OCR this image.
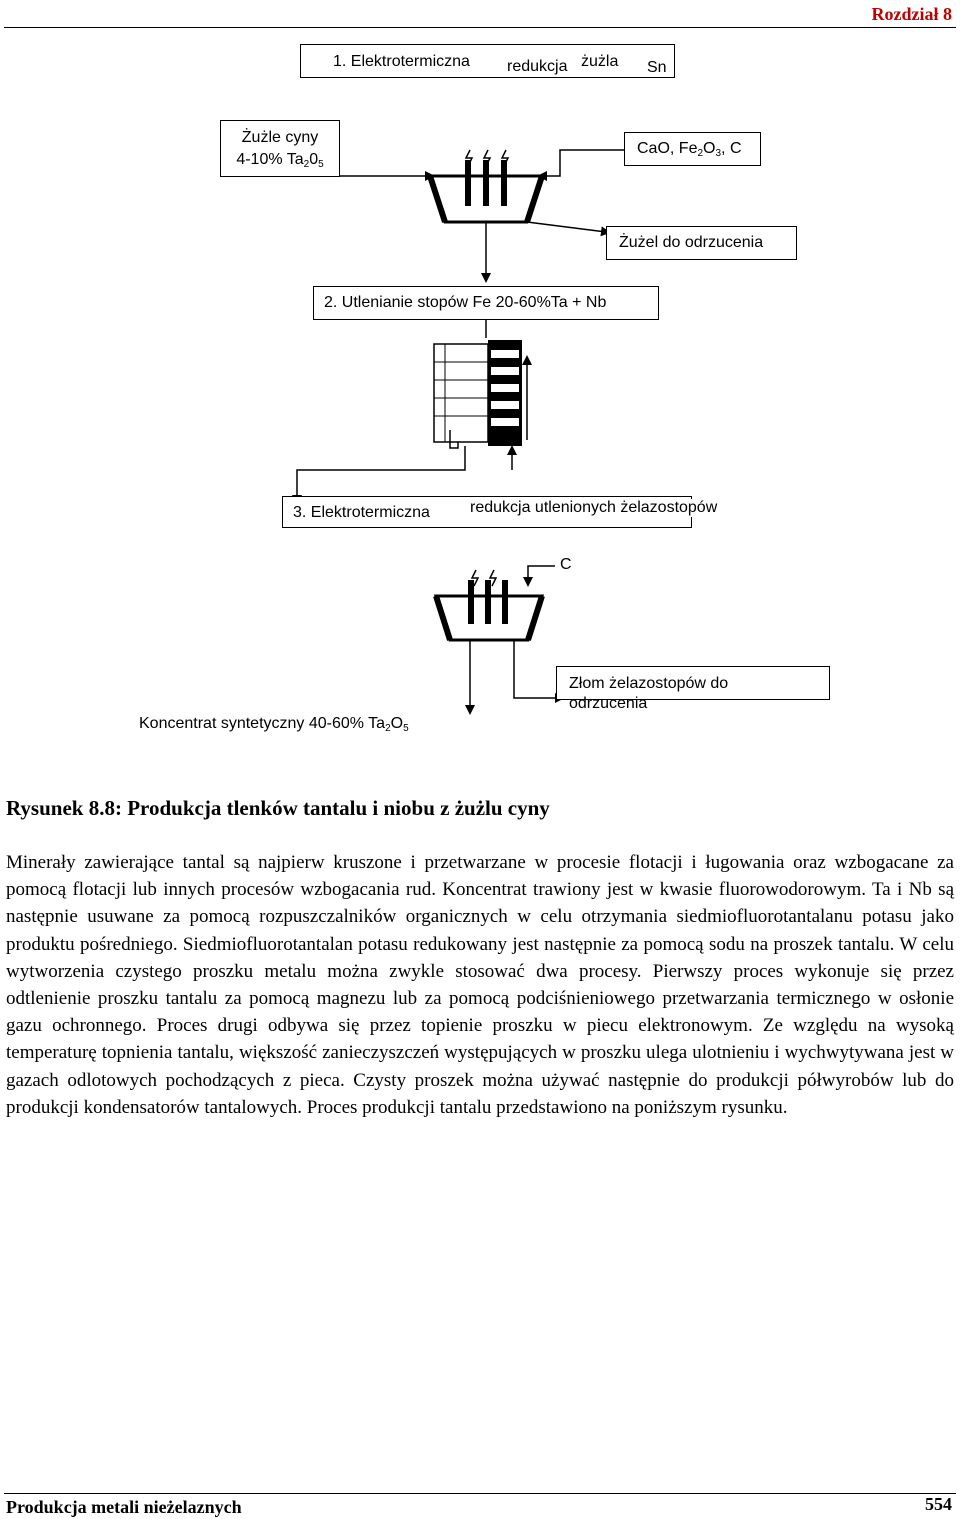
Rozdział 8
1. Elektrotermiczna redukcja żużla Sn
Żużle cyny
4-10% $Ta_20_5$
CaO, $Fe_2O_3$, C
Żużel do odrzucenia
2. Utlenianie stopów Fe 20-60%Ta + Nb
3. Elektrotermiczna	redukcja utlenionych żelazostopów
C
Złom żelazostopów do
odrzucenia
Koncentrat syntetyczny 40-60% $Ta_2O_5$
Rysunek 8.8: Produkcja tlenków tantalu i niobu z żużlu cyny

Minerały zawierające tantal są najpierw kruszone i przetwarzane w procesie flotacji i ługowania oraz wzbogacane za pomocą flotacji lub innych procesów wzbogacania rud. Koncentrat trawiony jest w kwasie fluorowodorowym. Ta i Nb są następnie usuwane za pomocą rozpuszczalników organicznych w celu otrzymania siedmiofluorotantalanu potasu jako produktu pośredniego. Siedmiofluorotantalan potasu redukowany jest następnie za pomocą sodu na proszek tantalu. W celu wytworzenia czystego proszku metalu można zwykle stosować dwa procesy. Pierwszy proces wykonuje się przez odtlenienie proszku tantalu za pomocą magnezu lub za pomocą podciśnieniowego przetwarzania termicznego w osłonie gazu ochronnego. Proces drugi odbywa się przez topienie proszku w piecu elektronowym. Ze względu na wysoką temperaturę topnienia tantalu, większość zanieczyszczeń występujących w proszku ulega ulotnieniu i wychwytywana jest w gazach odlotowych pochodzących z pieca. Czysty proszek można używać następnie do produkcji półwyrobów lub do produkcji kondensatorów tantalowych. Proces produkcji tantalu przedstawiono na poniższym rysunku.

Produkcja metali nieżelaznych	554
